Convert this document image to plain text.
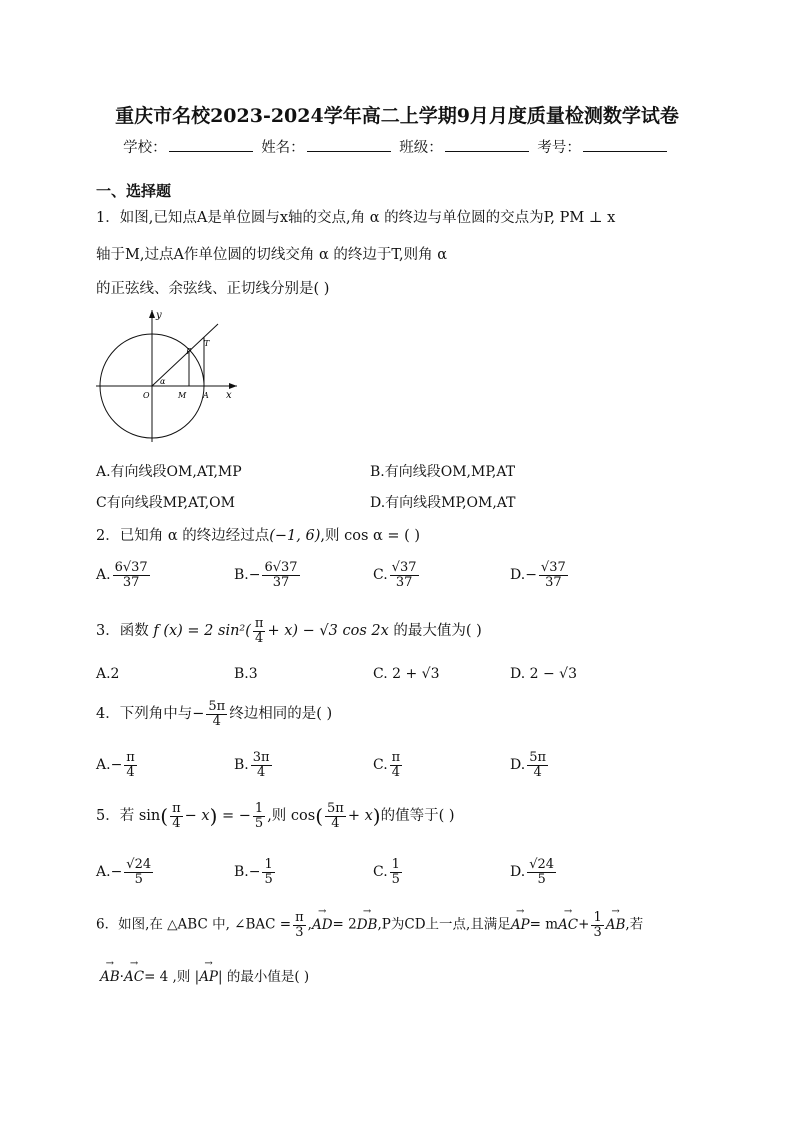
重庆市名校2023-2024学年高二上学期9月月度质量检测数学试卷
学校：	姓名：	班级：	考号：
一、选择题
1．如图,已知点A是单位圆与x轴的交点,角 α 的终边与单位圆的交点为P, PM ⊥ x
轴于M,过点A作单位圆的切线交角 α 的终边于T,则角 α
的正弦线、余弦线、正切线分别是( )
y
x
O	M A
P
T
α
A.有向线段OM,AT,MP	B.有向线段OM,MP,AT
C有向线段MP,AT,OM	D.有向线段MP,OM,AT
2．已知角 α 的终边经过点(−1, 6),则 cos α = ( )
A. $\frac{6√37}{37}$	$B.- \frac{6√37}{37}$	C. $\frac{√37}{37}$	$D.- \frac{√37}{37}$
3．函数 f (x) = 2 $\sin^2( \frac{\pi}{4} + x) - √3$ cos 2x 的最大值为( )
A.2	B.3	C. 2 + √3	D. 2 − √3
4．下列角中与− $\frac{5\pi}{4}$ 终边相同的是( )
$A.- \frac{\pi}{4}$	B. $\frac{3\pi}{4}$	C. $\frac{\pi}{4}$	D. $\frac{5\pi}{4}$
5．若 $\sin( \frac{\pi}{4} - x)$ = − $\frac{1}{5}$ ,则 $\cos( \frac{5\pi}{4} + x)$的值等于( )
$A.- \frac{√24}{5}$	$B.- \frac{1}{5}$	C. $\frac{1}{5}$	D. $\frac{√24}{5}$
6．如图,在 △ABC 中, ∠BAC = $\frac{\pi}{3}$ ,→ AD= 2→ DB,P为CD上一点,且满足→ $AP= m\to AC+ \frac{1}{3}$
→ AB,若
→ AB·→ AC= 4 ,则 |→ AP| 的最小值是( )
